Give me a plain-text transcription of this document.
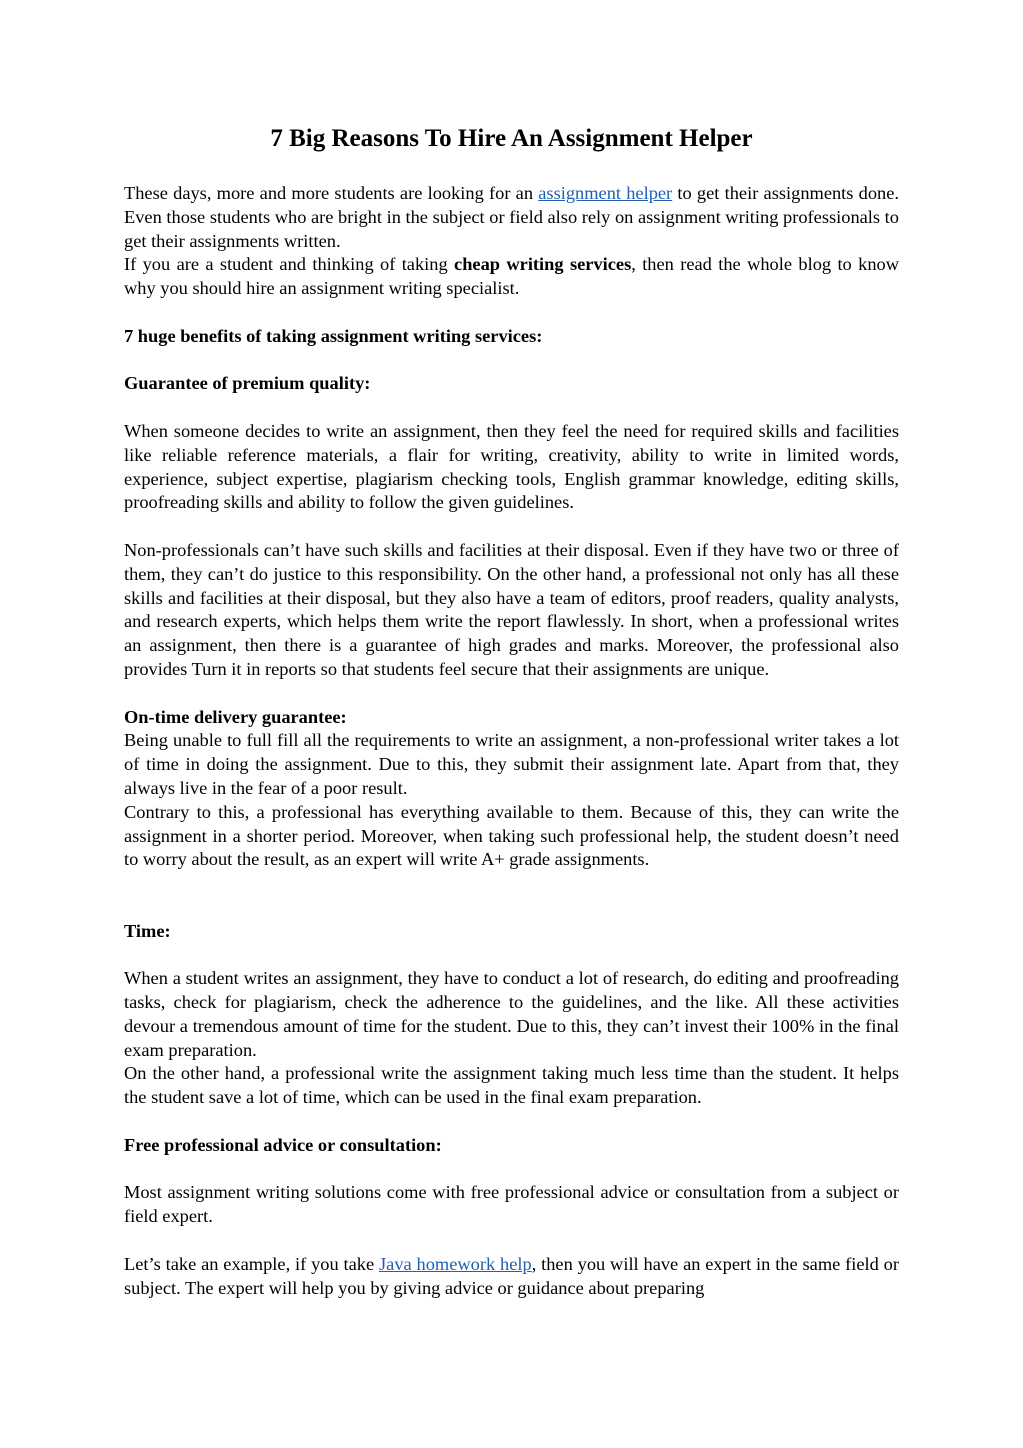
7 Big Reasons To Hire An Assignment Helper

These days, more and more students are looking for an assignment helper to get their assignments done. Even those students who are bright in the subject or field also rely on assignment writing professionals to get their assignments written.

If you are a student and thinking of taking cheap writing services, then read the whole blog to know why you should hire an assignment writing specialist.

7 huge benefits of taking assignment writing services:

Guarantee of premium quality:

When someone decides to write an assignment, then they feel the need for required skills and facilities like reliable reference materials, a flair for writing, creativity, ability to write in limited words, experience, subject expertise, plagiarism checking tools, English grammar knowledge, editing skills, proofreading skills and ability to follow the given guidelines.

Non-professionals can’t have such skills and facilities at their disposal. Even if they have two or three of them, they can’t do justice to this responsibility. On the other hand, a professional not only has all these skills and facilities at their disposal, but they also have a team of editors, proof readers, quality analysts, and research experts, which helps them write the report flawlessly. In short, when a professional writes an assignment, then there is a guarantee of high grades and marks. Moreover, the professional also provides Turn it in reports so that students feel secure that their assignments are unique.

On-time delivery guarantee:

Being unable to full fill all the requirements to write an assignment, a non-professional writer takes a lot of time in doing the assignment. Due to this, they submit their assignment late. Apart from that, they always live in the fear of a poor result.

Contrary to this, a professional has everything available to them. Because of this, they can write the assignment in a shorter period. Moreover, when taking such professional help, the student doesn’t need to worry about the result, as an expert will write A+ grade assignments.

Time:

When a student writes an assignment, they have to conduct a lot of research, do editing and proofreading tasks, check for plagiarism, check the adherence to the guidelines, and the like. All these activities devour a tremendous amount of time for the student. Due to this, they can’t invest their 100% in the final exam preparation.

On the other hand, a professional write the assignment taking much less time than the student. It helps the student save a lot of time, which can be used in the final exam preparation.

Free professional advice or consultation:

Most assignment writing solutions come with free professional advice or consultation from a subject or field expert.

Let’s take an example, if you take Java homework help, then you will have an expert in the same field or subject. The expert will help you by giving advice or guidance about preparing
